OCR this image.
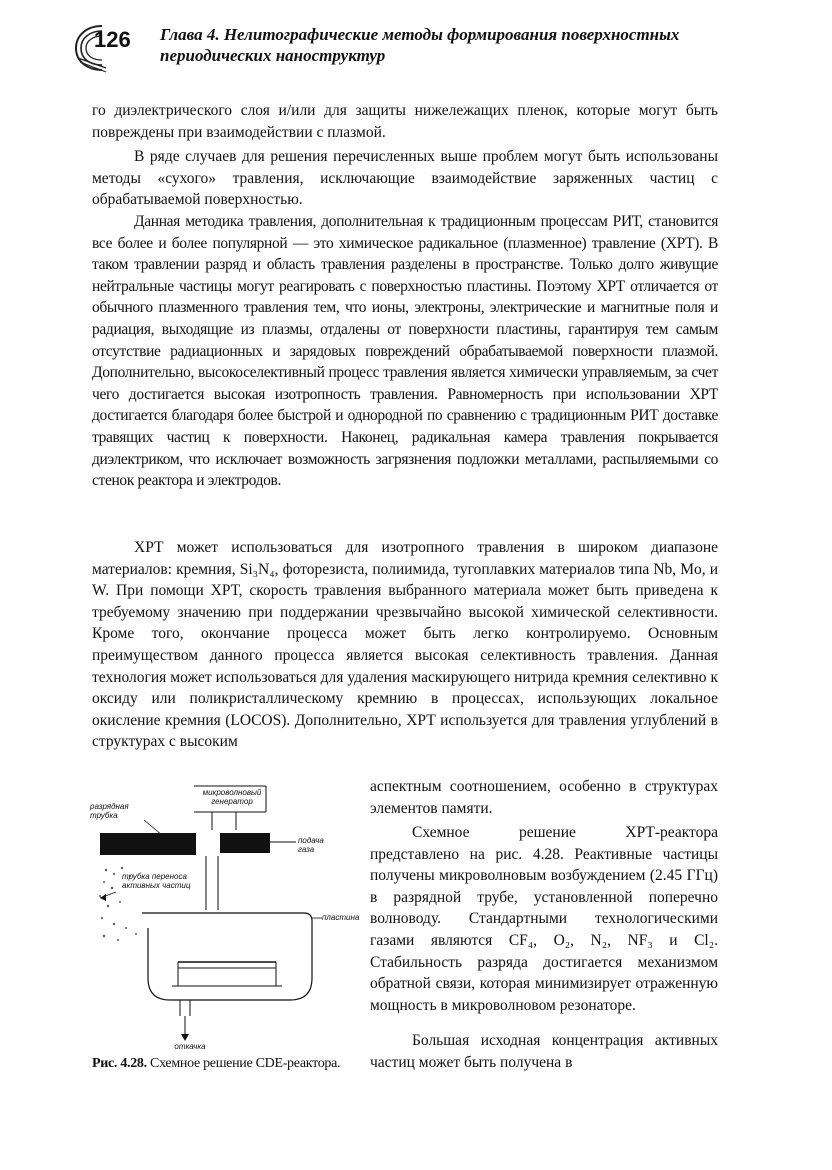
126 Глава 4. Нелитографические методы формирования поверхностных периодических наноструктур

го диэлектрического слоя и/или для защиты нижележащих пленок, которые могут быть повреждены при взаимодействии с плазмой.

В ряде случаев для решения перечисленных выше проблем могут быть использованы методы «сухого» травления, исключающие взаимодействие заряженных частиц с обрабатываемой поверхностью.

Данная методика травления, дополнительная к традиционным процессам РИТ, становится все более и более популярной — это химическое радикальное (плазменное) травление (ХРТ). В таком травлении разряд и область травления разделены в пространстве. Только долго живущие нейтральные частицы могут реагировать с поверхностью пластины. Поэтому ХРТ отличается от обычного плазменного травления тем, что ионы, электроны, электрические и магнитные поля и радиация, выходящие из плазмы, отдалены от поверхности пластины, гарантируя тем самым отсутствие радиационных и зарядовых повреждений обрабатываемой поверхности плазмой. Дополнительно, высокоселективный процесс травления является химически управляемым, за счет чего достигается высокая изотропность травления. Равномерность при использовании ХРТ достигается благодаря более быстрой и однородной по сравнению с традиционным РИТ доставке травящих частиц к поверхности. Наконец, радикальная камера травления покрывается диэлектриком, что исключает возможность загрязнения подложки металлами, распыляемыми со стенок реактора и электродов.

ХРТ может использоваться для изотропного травления в широком диапазоне материалов: кремния, Si₃N₄, фоторезиста, полиимида, тугоплавких материалов типа Nb, Mo, и W. При помощи ХРТ, скорость травления выбранного материала может быть приведена к требуемому значению при поддержании чрезвычайно высокой химической селективности. Кроме того, окончание процесса может быть легко контролируемо. Основным преимуществом данного процесса является высокая селективность травления. Данная технология может использоваться для удаления маскирующего нитрида кремния селективно к оксиду или поликристаллическому кремнию в процессах, использующих локальное окисление кремния (LOCOS). Дополнительно, ХРТ используется для травления углублений в структурах с высоким

аспектным соотношением, особенно в структурах элементов памяти.

Схемное решение ХРТ-реактора представлено на рис. 4.28. Реактивные частицы получены микроволновым возбуждением (2.45 ГГц) в разрядной трубе, установленной поперечно волноводу. Стандартными технологическими газами являются CF₄, O₂, N₂, NF₃ и Cl₂. Стабильность разряда достигается механизмом обратной связи, которая минимизирует отраженную мощность в микроволновом резонаторе.

Большая исходная концентрация активных частиц может быть получена в

микроволновый генератор
разрядная трубка
подача газа
трубка переноса активных частиц
пластина
откачка
Рис. 4.28. Схемное решение CDE-реактора.
